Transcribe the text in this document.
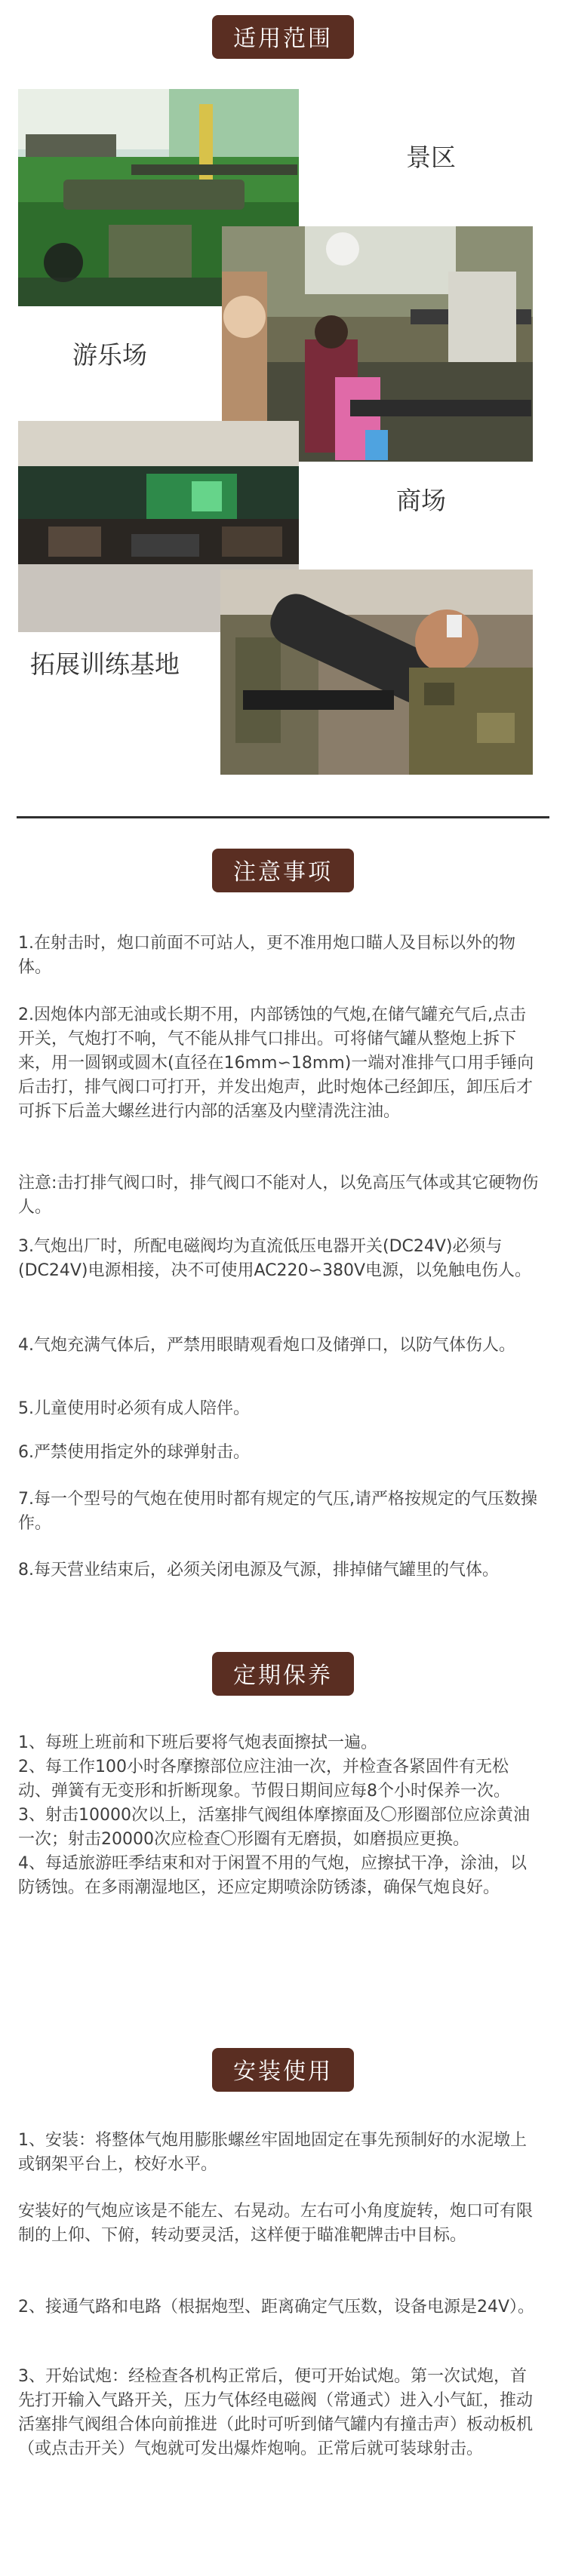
适用范围
景区
游乐场
商场
拓展训练基地
注意事项

1.在射击时，炮口前面不可站人，更不准用炮口瞄人及目标以外的物体。

2.因炮体内部无油或长期不用，内部锈蚀的气炮,在储气罐充气后,点击开关，气炮打不响，气不能从排气口排出。可将储气罐从整炮上拆下来，用一圆钢或圆木(直径在16mm∽18mm)一端对准排气口用手锤向后击打，排气阀口可打开，并发出炮声，此时炮体己经卸压，卸压后才可拆下后盖大螺丝进行内部的活塞及内壁清洗注油。

注意:击打排气阀口时，排气阀口不能对人，以免高压气体或其它硬物伤人。

3.气炮出厂时，所配电磁阀均为直流低压电器开关(DC24V)必须与(DC24V)电源相接，决不可使用AC220∽380V电源，以免触电伤人。

4.气炮充满气体后，严禁用眼睛观看炮口及储弹口，以防气体伤人。

5.儿童使用时必须有成人陪伴。

6.严禁使用指定外的球弹射击。

7.每一个型号的气炮在使用时都有规定的气压,请严格按规定的气压数操作。

8.每天营业结束后，必须关闭电源及气源，排掉储气罐里的气体。

定期保养

1、每班上班前和下班后要将气炮表面擦拭一遍。
2、每工作100小时各摩擦部位应注油一次，并检查各紧固件有无松动、弹簧有无变形和折断现象。节假日期间应每8个小时保养一次。
3、射击10000次以上，活塞排气阀组体摩擦面及〇形圈部位应涂黄油一次；射击20000次应检查〇形圈有无磨损，如磨损应更换。
4、每适旅游旺季结束和对于闲置不用的气炮，应擦拭干净，涂油，以防锈蚀。在多雨潮湿地区，还应定期喷涂防锈漆，确保气炮良好。

安装使用

1、安装：将整体气炮用膨胀螺丝牢固地固定在事先预制好的水泥墩上或钢架平台上，校好水平。

安装好的气炮应该是不能左、右晃动。左右可小角度旋转，炮口可有限制的上仰、下俯，转动要灵活，这样便于瞄准靶牌击中目标。

2、接通气路和电路（根据炮型、距离确定气压数，设备电源是24V）。

3、开始试炮：经检查各机构正常后，便可开始试炮。第一次试炮，首先打开输入气路开关，压力气体经电磁阀（常通式）进入小气缸，推动活塞排气阀组合体向前推进（此时可听到储气罐内有撞击声）板动板机（或点击开关）气炮就可发出爆炸炮响。正常后就可装球射击。
